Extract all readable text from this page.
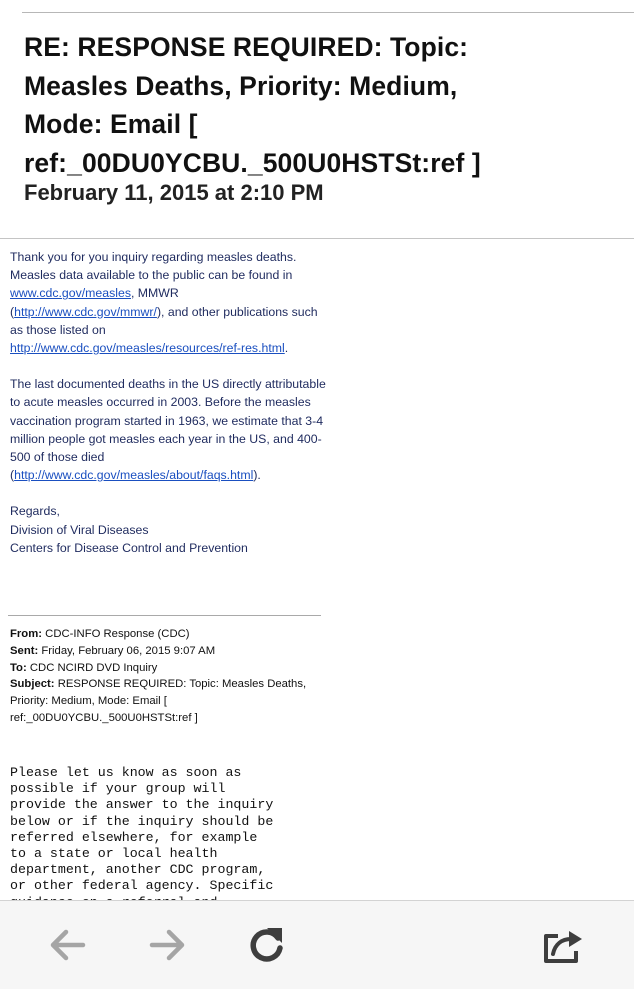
RE: RESPONSE REQUIRED: Topic:
Measles Deaths, Priority: Medium,
Mode: Email [
ref:_00DU0YCBU._500U0HSTSt:ref ]

February 11, 2015 at 2:10 PM

Thank you for you inquiry regarding measles deaths. Measles data available to the public can be found in www.cdc.gov/measles, MMWR (http://www.cdc.gov/mmwr/), and other publications such as those listed on http://www.cdc.gov/measles/resources/ref-res.html.

The last documented deaths in the US directly attributable to acute measles occurred in 2003. Before the measles vaccination program started in 1963, we estimate that 3-4 million people got measles each year in the US, and 400-500 of those died (http://www.cdc.gov/measles/about/faqs.html).

Regards,
Division of Viral Diseases
Centers for Disease Control and Prevention
From: CDC-INFO Response (CDC)
Sent: Friday, February 06, 2015 9:07 AM
To: CDC NCIRD DVD Inquiry
Subject: RESPONSE REQUIRED: Topic: Measles Deaths, Priority: Medium, Mode: Email [ ref:_00DU0YCBU._500U0HSTSt:ref ]
Please let us know as soon as
possible if your group will
provide the answer to the inquiry
below or if the inquiry should be
referred elsewhere, for example
to a state or local health
department, another CDC program,
or other federal agency. Specific
